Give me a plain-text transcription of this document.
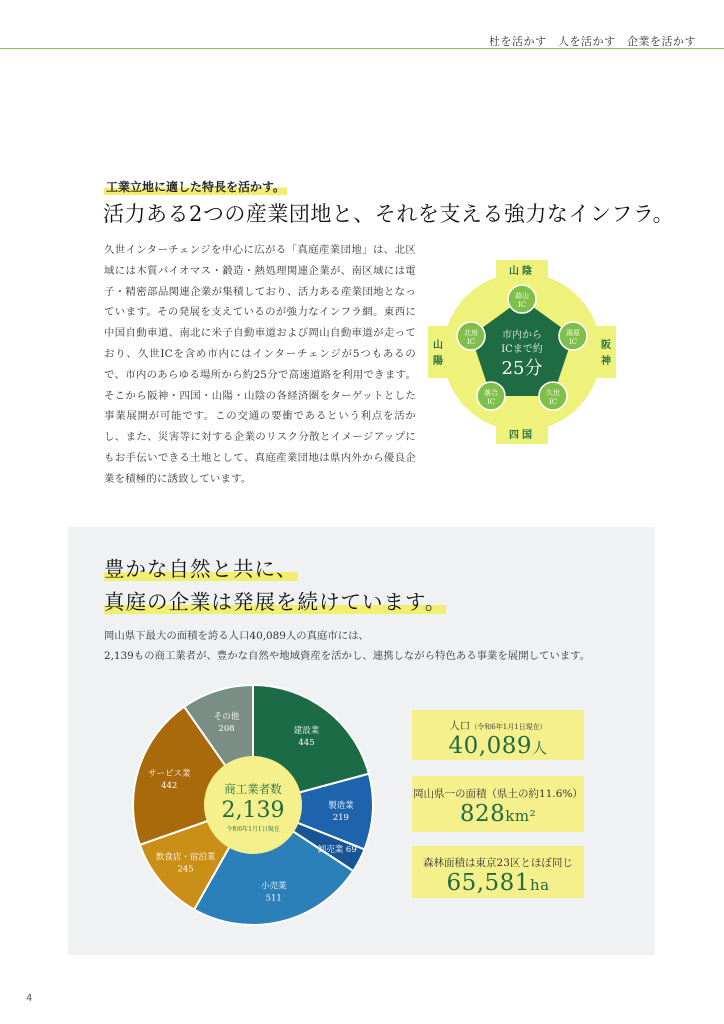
杜を活かす　人を活かす　企業を活かす
工業立地に適した特長を活かす。
活力ある2つの産業団地と、それを支える強力なインフラ。
久世インターチェンジを中心に広がる「真庭産業団地」は、北区域には木質バイオマス・鍛造・熱処理関連企業が、南区域には電子・精密部品関連企業が集積しており、活力ある産業団地となっています。その発展を支えているのが強力なインフラ網。東西に中国自動車道、南北に米子自動車道および岡山自動車道が走っており、久世ICを含め市内にはインターチェンジが5つもあるので、市内のあらゆる場所から約25分で高速道路を利用できます。そこから阪神・四国・山陽・山陰の各経済圏をターゲットとした事業展開が可能です。この交通の要衝であるという利点を活かし、また、災害等に対する企業のリスク分散とイメージアップにもお手伝いできる土地として、真庭産業団地は県内外から優良企業を積極的に誘致しています。
山陰
四国
山
陽
阪
神
市内から
ICまで約
25分
蒜山
IC
湯原
IC
久世
IC
落合
IC
北房
IC
豊かな自然と共に、
真庭の企業は発展を続けています。
岡山県下最大の面積を誇る人口40,089人の真庭市には、
2,139もの商工業者が、豊かな自然や地域資産を活かし、連携しながら特色ある事業を展開しています。
建設業
445
製造業
219
卸売業 69
小売業
511
飲食店・宿泊業
245
サービス業
442
その他
208
商工業者数
2,139
令和6年1月1日現在
人口（令和6年1月1日現在）
40,089人
岡山県一の面積（県土の約11.6%）
828km²
森林面積は東京23区とほぼ同じ
65,581ha
4
